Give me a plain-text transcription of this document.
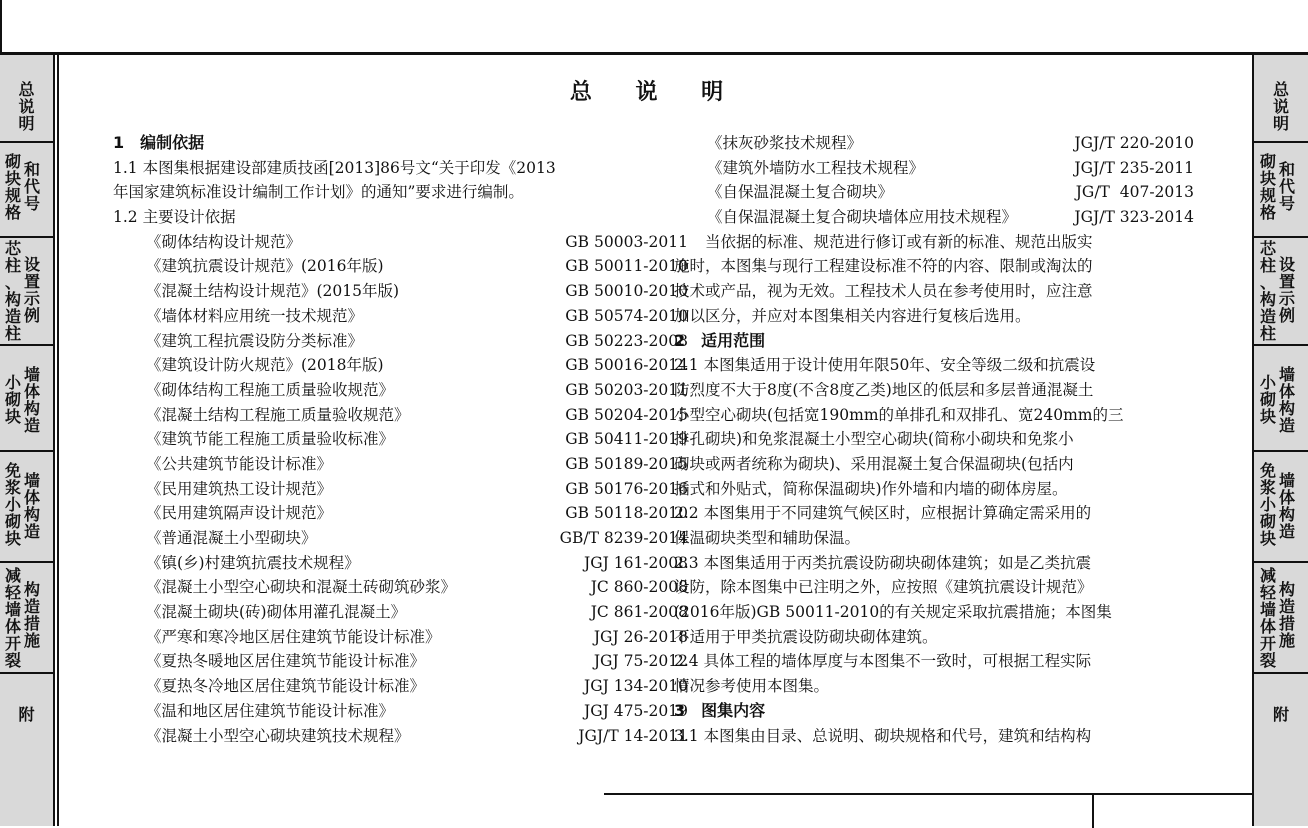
总
说
明
砌
块
规
格
和
代
号
芯
柱
、
构
造
柱
设
置
示
例
小
砌
块
墙
体
构
造
免
浆
小
砌
块
墙
体
构
造
减
轻
墙
体
开
裂
构
造
措
施
附
总
说
明
砌
块
规
格
和
代
号
芯
柱
、
构
造
柱
设
置
示
例
小
砌
块
墙
体
构
造
免
浆
小
砌
块
墙
体
构
造
减
轻
墙
体
开
裂
构
造
措
施
附
总 说 明
1　编制依据
1.1 本图集根据建设部建质技函[2013]86号文“关于印发《2013
年国家建筑标准设计编制工作计划》的通知”要求进行编制。
1.2 主要设计依据
《砌体结构设计规范》	GB 50003-2011
《建筑抗震设计规范》(2016年版)	GB 50011-2010
《混凝土结构设计规范》(2015年版)	GB 50010-2010
《墙体材料应用统一技术规范》	GB 50574-2010
《建筑工程抗震设防分类标准》	GB 50223-2008
《建筑设计防火规范》(2018年版)	GB 50016-2014
《砌体结构工程施工质量验收规范》	GB 50203-2011
《混凝土结构工程施工质量验收规范》	GB 50204-2015
《建筑节能工程施工质量验收标准》	GB 50411-2019
《公共建筑节能设计标准》	GB 50189-2015
《民用建筑热工设计规范》	GB 50176-2016
《民用建筑隔声设计规范》	GB 50118-2010
《普通混凝土小型砌块》	GB/T 8239-2014
《镇(乡)村建筑抗震技术规程》	JGJ 161-2008
《混凝土小型空心砌块和混凝土砖砌筑砂浆》	JC 860-2008
《混凝土砌块(砖)砌体用灌孔混凝土》	JC 861-2008
《严寒和寒冷地区居住建筑节能设计标准》	JGJ 26-2018
《夏热冬暖地区居住建筑节能设计标准》	JGJ 75-2012
《夏热冬冷地区居住建筑节能设计标准》	JGJ 134-2010
《温和地区居住建筑节能设计标准》	JGJ 475-2019
《混凝土小型空心砌块建筑技术规程》	JGJ/T 14-2011
《抹灰砂浆技术规程》	JGJ/T 220-2010
《建筑外墙防水工程技术规程》	JGJ/T 235-2011
《自保温混凝土复合砌块》	JG/T  407-2013
《自保温混凝土复合砌块墙体应用技术规程》	JGJ/T 323-2014
　　当依据的标准、规范进行修订或有新的标准、规范出版实
施时，本图集与现行工程建设标准不符的内容、限制或淘汰的
技术或产品，视为无效。工程技术人员在参考使用时，应注意
加以区分，并应对本图集相关内容进行复核后选用。
2　适用范围
2.1 本图集适用于设计使用年限50年、安全等级二级和抗震设
防烈度不大于8度(不含8度乙类)地区的低层和多层普通混凝土
小型空心砌块(包括宽190mm的单排孔和双排孔、宽240mm的三
排孔砌块)和免浆混凝土小型空心砌块(简称小砌块和免浆小
砌块或两者统称为砌块)、采用混凝土复合保温砌块(包括内
插式和外贴式，简称保温砌块)作外墙和内墙的砌体房屋。
2.2 本图集用于不同建筑气候区时，应根据计算确定需采用的
保温砌块类型和辅助保温。
2.3 本图集适用于丙类抗震设防砌块砌体建筑；如是乙类抗震
设防，除本图集中已注明之外，应按照《建筑抗震设计规范》
(2016年版)GB 50011-2010的有关规定采取抗震措施；本图集
不适用于甲类抗震设防砌块砌体建筑。
2.4 具体工程的墙体厚度与本图集不一致时，可根据工程实际
情况参考使用本图集。
3　图集内容
3.1 本图集由目录、总说明、砌块规格和代号，建筑和结构构
